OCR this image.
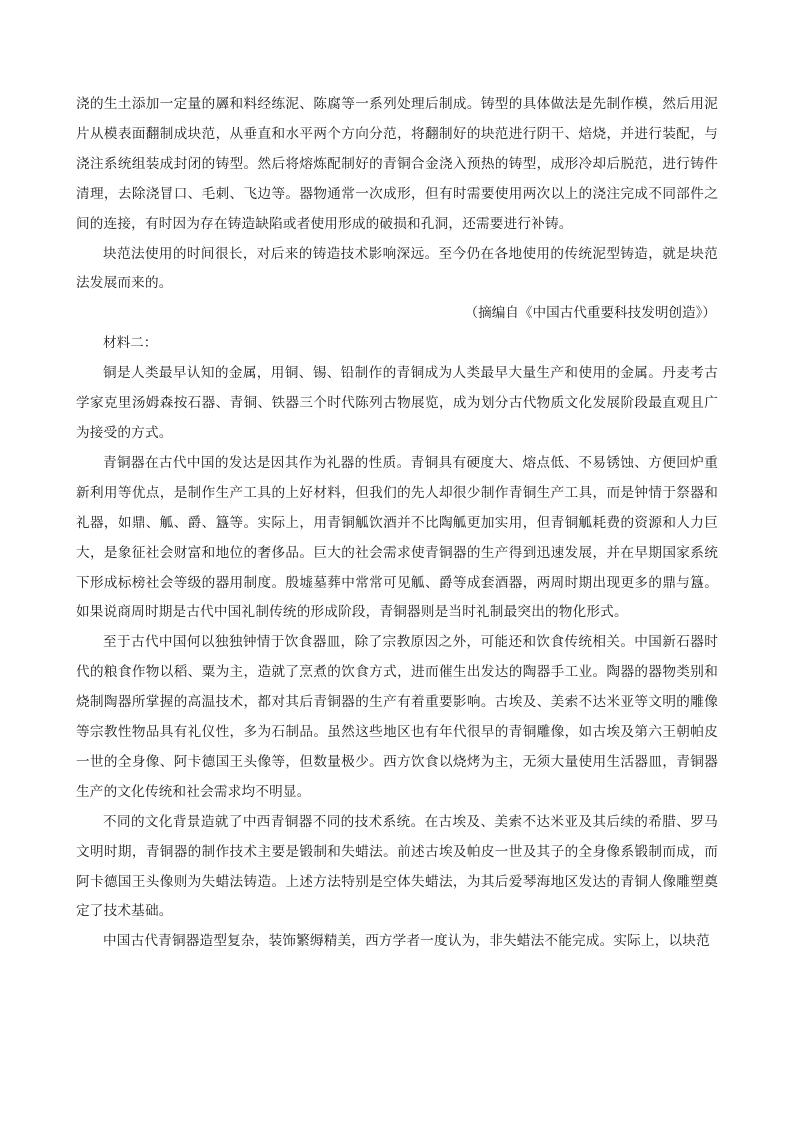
浇的生土添加一定量的羼和料经练泥、陈腐等一系列处理后制成。铸型的具体做法是先制作模，然后用泥片从模表面翻制成块范，从垂直和水平两个方向分范，将翻制好的块范进行阴干、焙烧，并进行装配，与浇注系统组装成封闭的铸型。然后将熔炼配制好的青铜合金浇入预热的铸型，成形冷却后脱范，进行铸件清理，去除浇冒口、毛刺、飞边等。器物通常一次成形，但有时需要使用两次以上的浇注完成不同部件之间的连接，有时因为存在铸造缺陷或者使用形成的破损和孔洞，还需要进行补铸。

块范法使用的时间很长，对后来的铸造技术影响深远。至今仍在各地使用的传统泥型铸造，就是块范法发展而来的。

（摘编自《中国古代重要科技发明创造》）

材料二：

铜是人类最早认知的金属，用铜、锡、铅制作的青铜成为人类最早大量生产和使用的金属。丹麦考古学家克里汤姆森按石器、青铜、铁器三个时代陈列古物展览，成为划分古代物质文化发展阶段最直观且广为接受的方式。

青铜器在古代中国的发达是因其作为礼器的性质。青铜具有硬度大、熔点低、不易锈蚀、方便回炉重新利用等优点，是制作生产工具的上好材料，但我们的先人却很少制作青铜生产工具，而是钟情于祭器和礼器，如鼎、觚、爵、簋等。实际上，用青铜觚饮酒并不比陶觚更加实用，但青铜觚耗费的资源和人力巨大，是象征社会财富和地位的奢侈品。巨大的社会需求使青铜器的生产得到迅速发展，并在早期国家系统下形成标榜社会等级的器用制度。殷墟墓葬中常常可见觚、爵等成套酒器，两周时期出现更多的鼎与簋。如果说商周时期是古代中国礼制传统的形成阶段，青铜器则是当时礼制最突出的物化形式。

至于古代中国何以独独钟情于饮食器皿，除了宗教原因之外，可能还和饮食传统相关。中国新石器时代的粮食作物以稻、粟为主，造就了烹煮的饮食方式，进而催生出发达的陶器手工业。陶器的器物类别和烧制陶器所掌握的高温技术，都对其后青铜器的生产有着重要影响。古埃及、美索不达米亚等文明的雕像等宗教性物品具有礼仪性，多为石制品。虽然这些地区也有年代很早的青铜雕像，如古埃及第六王朝帕皮一世的全身像、阿卡德国王头像等，但数量极少。西方饮食以烧烤为主，无须大量使用生活器皿，青铜器生产的文化传统和社会需求均不明显。

不同的文化背景造就了中西青铜器不同的技术系统。在古埃及、美索不达米亚及其后续的希腊、罗马文明时期，青铜器的制作技术主要是锻制和失蜡法。前述古埃及帕皮一世及其子的全身像系锻制而成，而阿卡德国王头像则为失蜡法铸造。上述方法特别是空体失蜡法，为其后爱琴海地区发达的青铜人像雕塑奠定了技术基础。

中国古代青铜器造型复杂，装饰繁缛精美，西方学者一度认为，非失蜡法不能完成。实际上，以块范
